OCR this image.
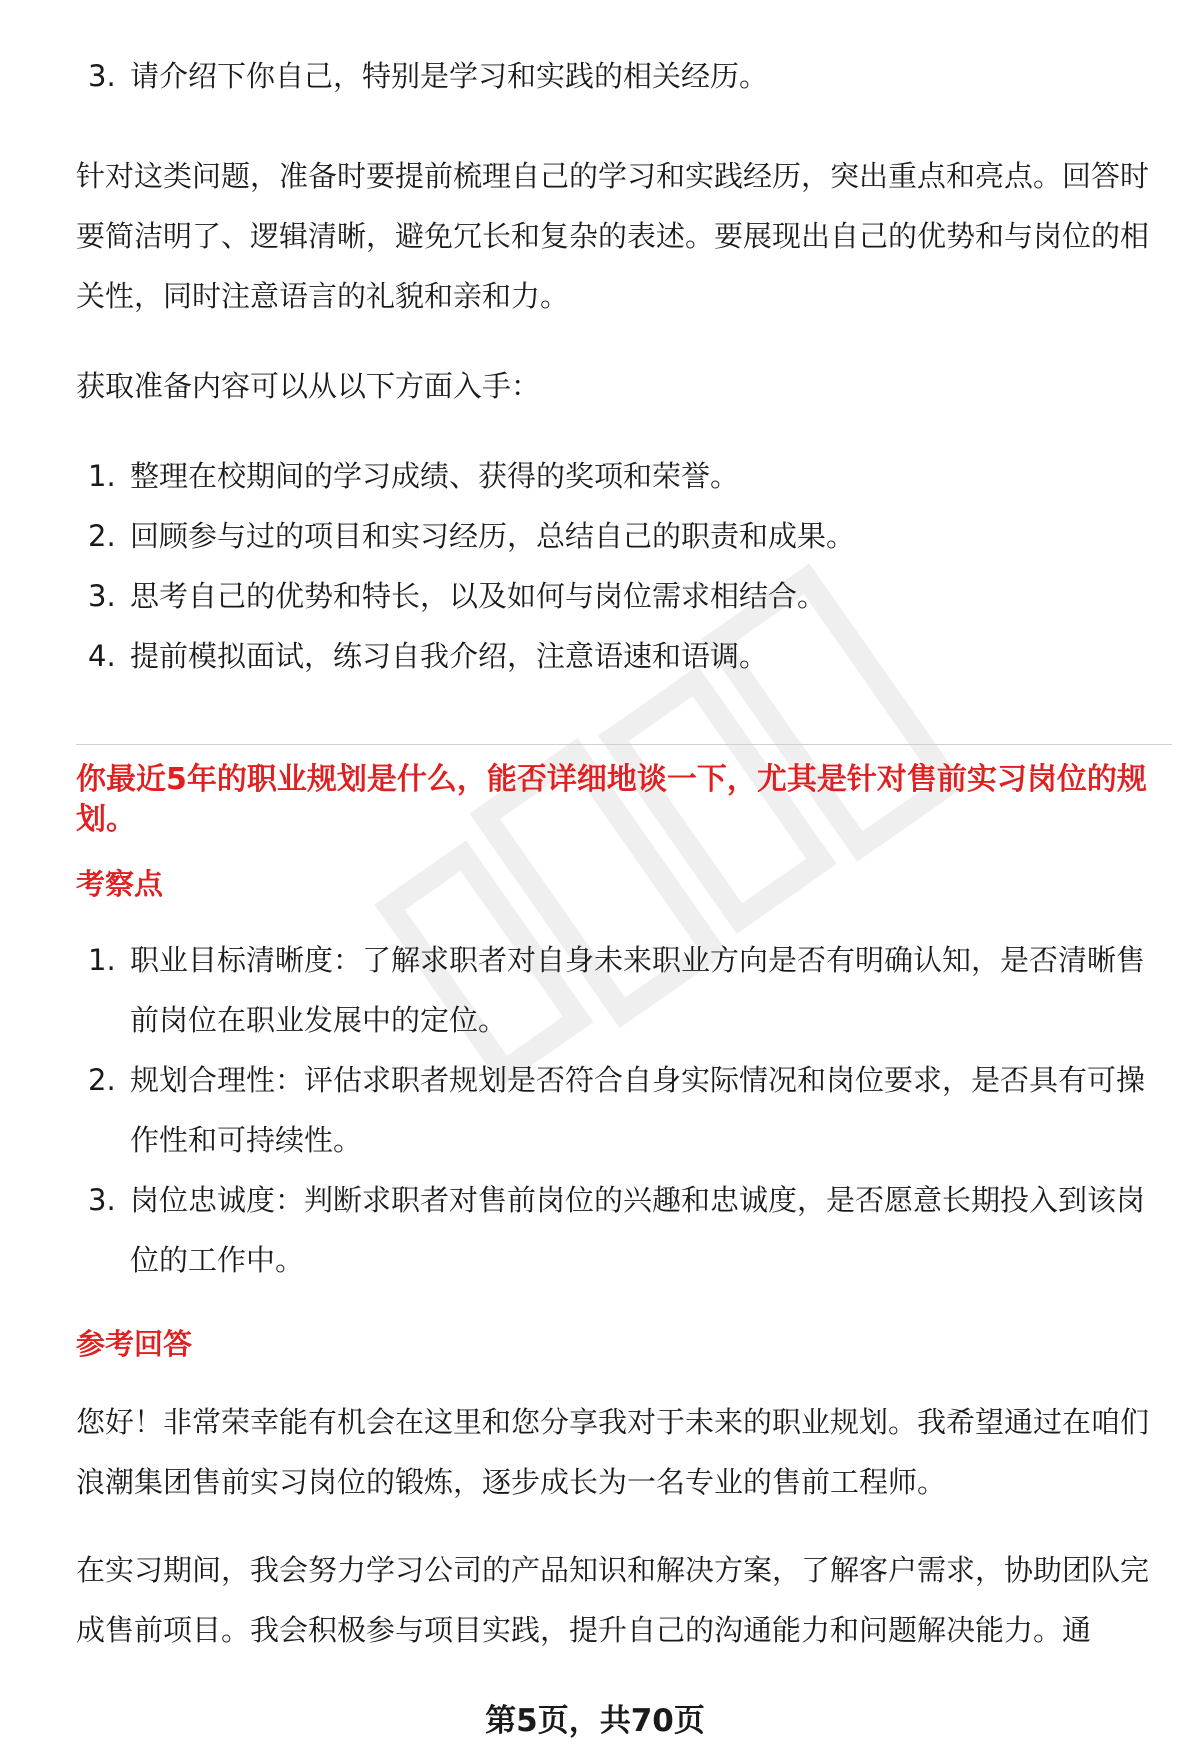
3. 请介绍下你自己，特别是学习和实践的相关经历。

针对这类问题，准备时要提前梳理自己的学习和实践经历，突出重点和亮点。回答时要简洁明了、逻辑清晰，避免冗长和复杂的表述。要展现出自己的优势和与岗位的相关性，同时注意语言的礼貌和亲和力。

获取准备内容可以从以下方面入手：

1. 整理在校期间的学习成绩、获得的奖项和荣誉。
2. 回顾参与过的项目和实习经历，总结自己的职责和成果。
3. 思考自己的优势和特长，以及如何与岗位需求相结合。
4. 提前模拟面试，练习自我介绍，注意语速和语调。
你最近5年的职业规划是什么，能否详细地谈一下，尤其是针对售前实习岗位的规划。
考察点
1. 职业目标清晰度：了解求职者对自身未来职业方向是否有明确认知，是否清晰售前岗位在职业发展中的定位。
2. 规划合理性：评估求职者规划是否符合自身实际情况和岗位要求，是否具有可操作性和可持续性。
3. 岗位忠诚度：判断求职者对售前岗位的兴趣和忠诚度，是否愿意长期投入到该岗位的工作中。
参考回答

您好！非常荣幸能有机会在这里和您分享我对于未来的职业规划。我希望通过在咱们浪潮集团售前实习岗位的锻炼，逐步成长为一名专业的售前工程师。

在实习期间，我会努力学习公司的产品知识和解决方案，了解客户需求，协助团队完成售前项目。我会积极参与项目实践，提升自己的沟通能力和问题解决能力。通

第5页，共70页
